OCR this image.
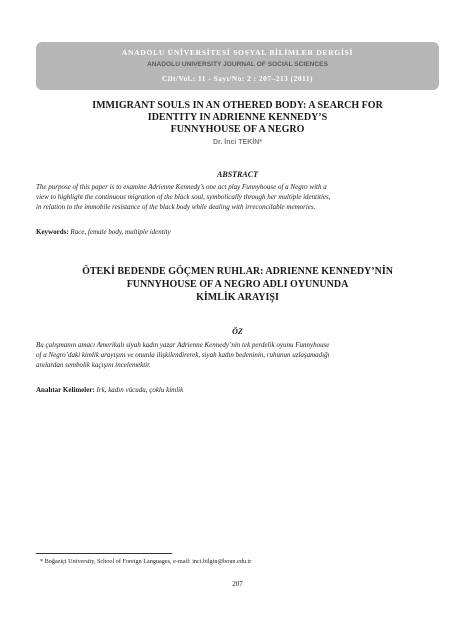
ANADOLU ÜNİVERSİTESİ SOSYAL BİLİMLER DERGİSİ
ANADOLU UNIVERSITY JOURNAL OF SOCIAL SCIENCES
Cilt/Vol.: 11 - Sayı/No: 2 : 207–213 (2011)
IMMIGRANT SOULS IN AN OTHERED BODY: A SEARCH FOR
IDENTITY IN ADRIENNE KENNEDY’S
FUNNYHOUSE OF A NEGRO
Dr. İnci TEKİN*
ABSTRACT
The purpose of this paper is to examine Adrienne Kennedy’s one act play Funnyhouse of a Negro with a
view to highlight the continuous migration of the black soul, symbolically through her multiple identities,
in relation to the immobile resistance of the black body while dealing with irreconcilable memories.
Keywords: Race, female body, multiple identity
ÖTEKİ BEDENDE GÖÇMEN RUHLAR: ADRIENNE KENNEDY’NİN
FUNNYHOUSE OF A NEGRO ADLI OYUNUNDA
KİMLİK ARAYIŞI
ÖZ
Bu çalışmanın amacı Amerikalı siyah kadın yazar Adrienne Kennedy’nin tek perdelik oyunu Funnyhouse
of a Negro’daki kimlik arayışını ve onunla ilişkilendirerek, siyah kadın bedeninin, ruhunun uzlaşamadığı
anılardan sembolik kaçışını incelemektir.
Anahtar Kelimeler: Irk, kadın vücudu, çoklu kimlik
* Boğaziçi University, School of Foreign Languages, e-mail: inci.bilgin@boun.edu.tr
207
